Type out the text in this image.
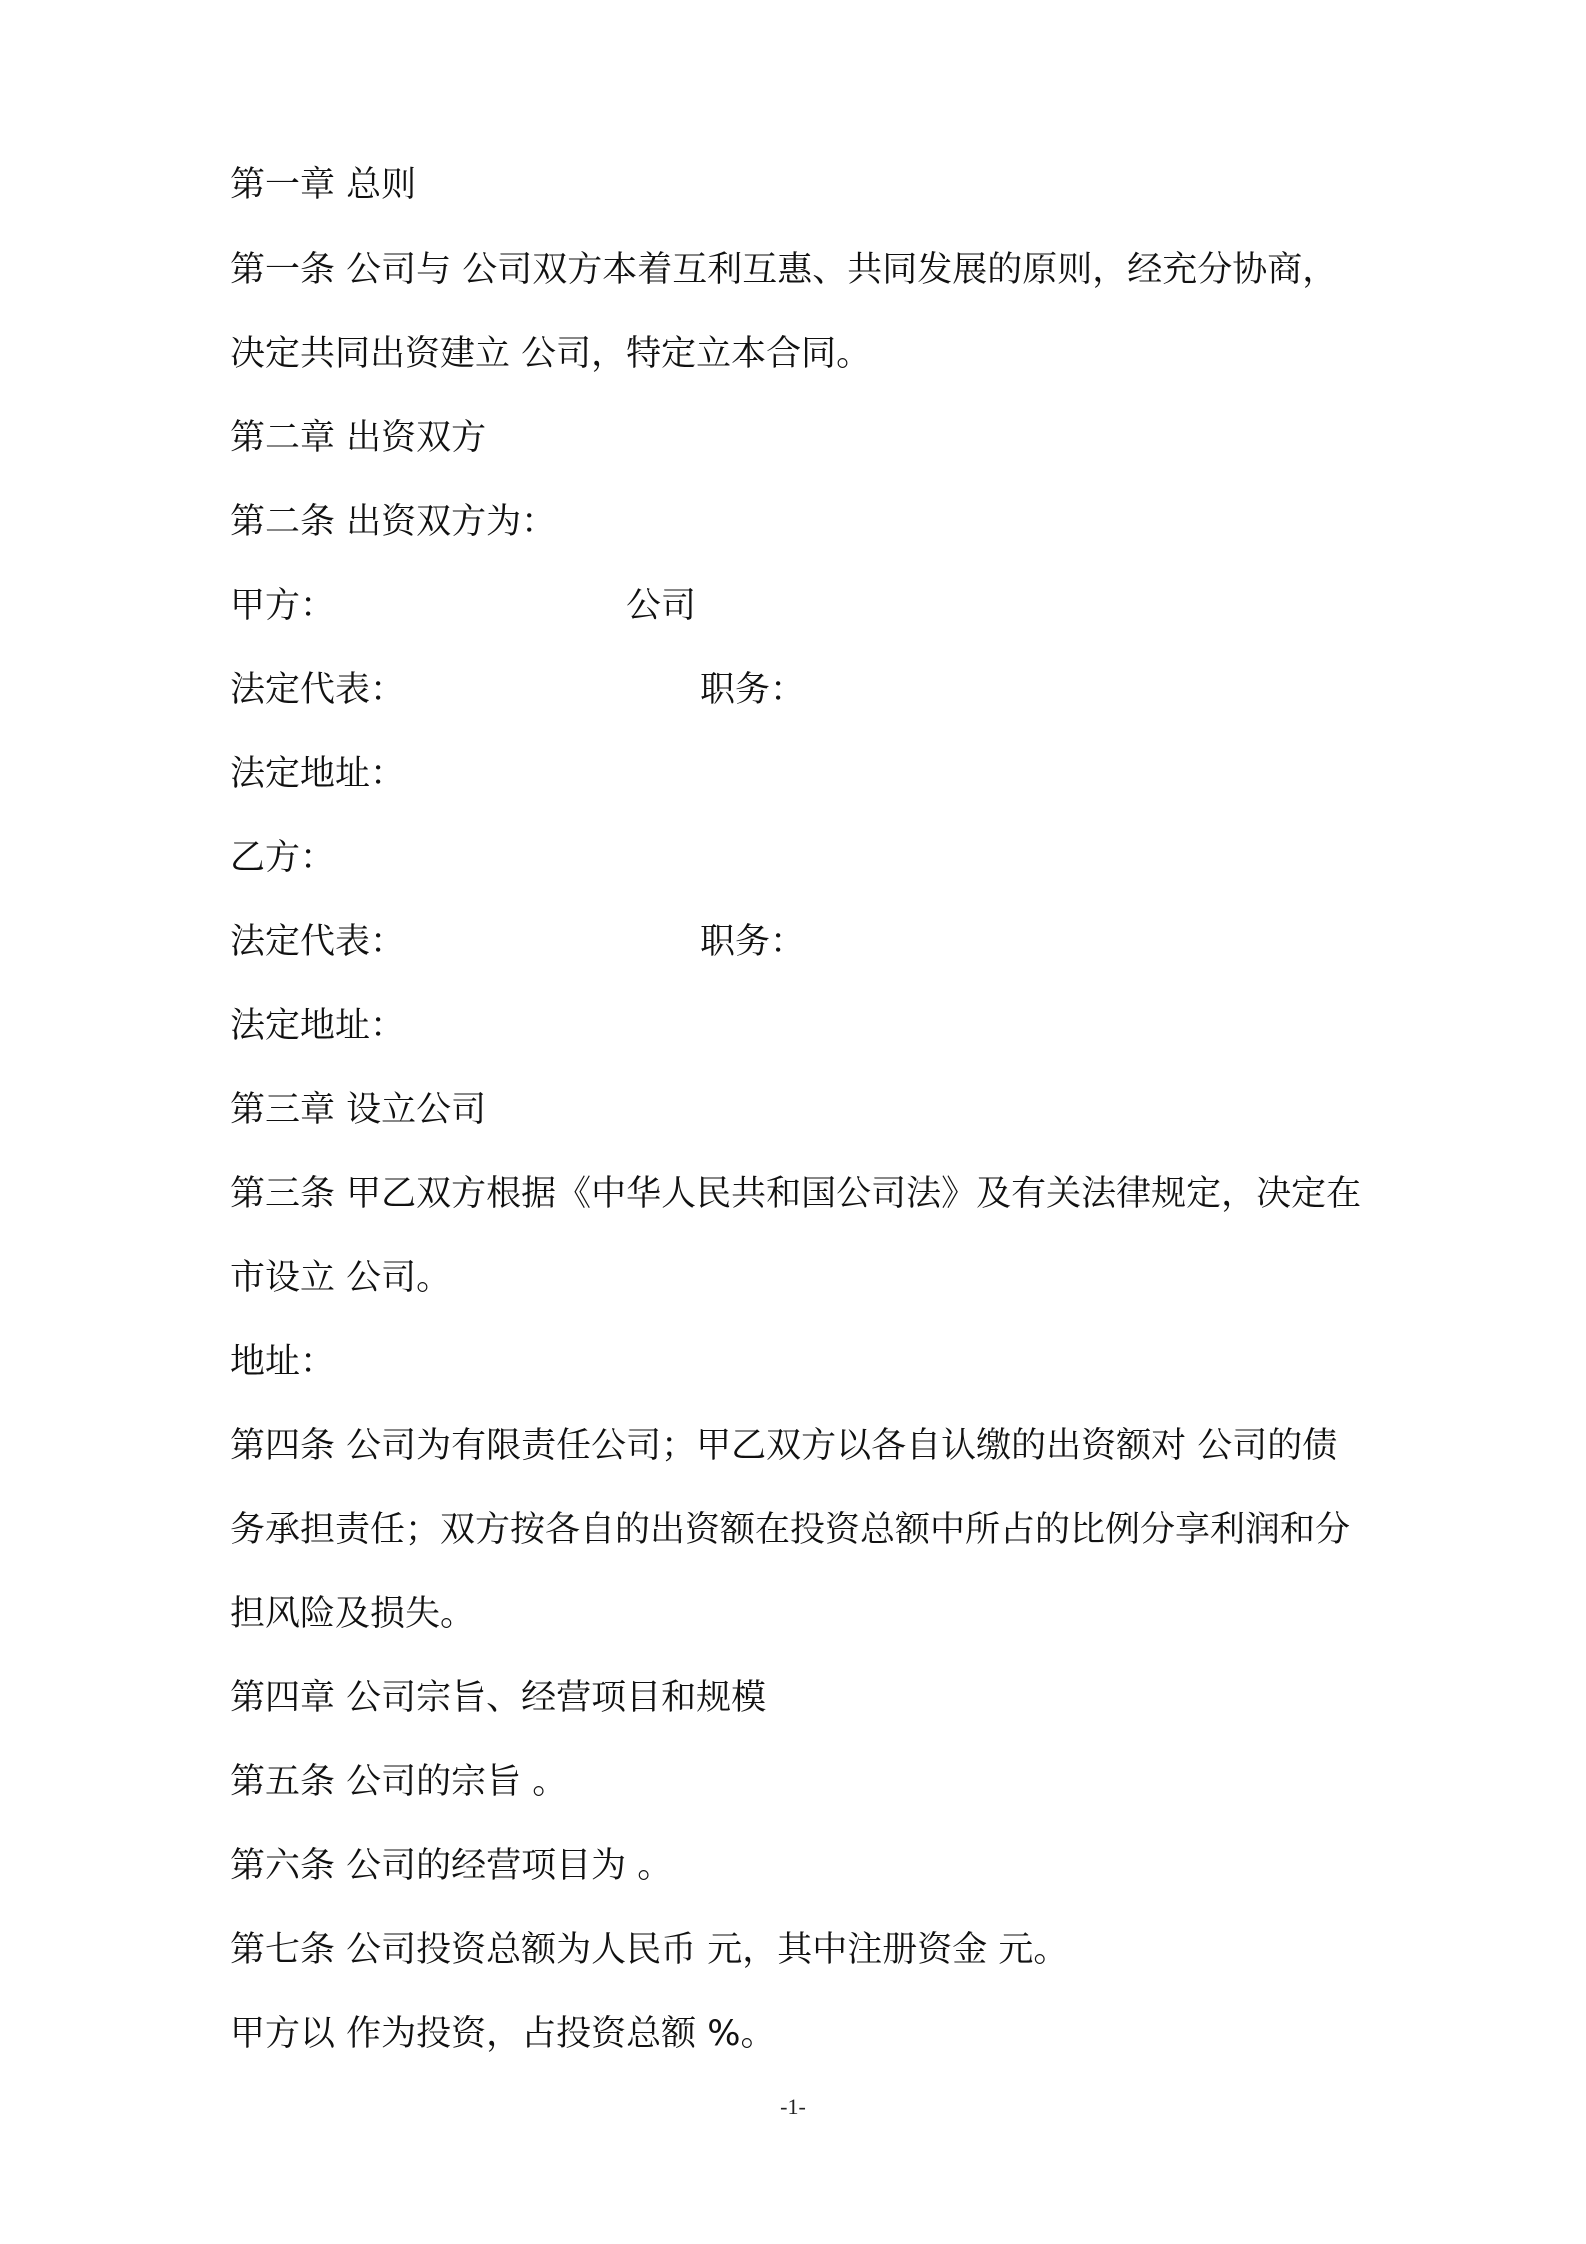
第一章 总则
第一条 公司与 公司双方本着互利互惠、共同发展的原则，经充分协商，
决定共同出资建立 公司，特定立本合同。
第二章 出资双方
第二条 出资双方为：
甲方：	公司
法定代表：	职务：
法定地址：
乙方：
法定代表：	职务：
法定地址：
第三章 设立公司
第三条 甲乙双方根据《中华人民共和国公司法》及有关法律规定，决定在
市设立 公司。
地址：
第四条 公司为有限责任公司；甲乙双方以各自认缴的出资额对 公司的债
务承担责任；双方按各自的出资额在投资总额中所占的比例分享利润和分
担风险及损失。
第四章 公司宗旨、经营项目和规模
第五条 公司的宗旨 。
第六条 公司的经营项目为 。
第七条 公司投资总额为人民币 元，其中注册资金 元。
甲方以 作为投资，占投资总额 %。
-1-
